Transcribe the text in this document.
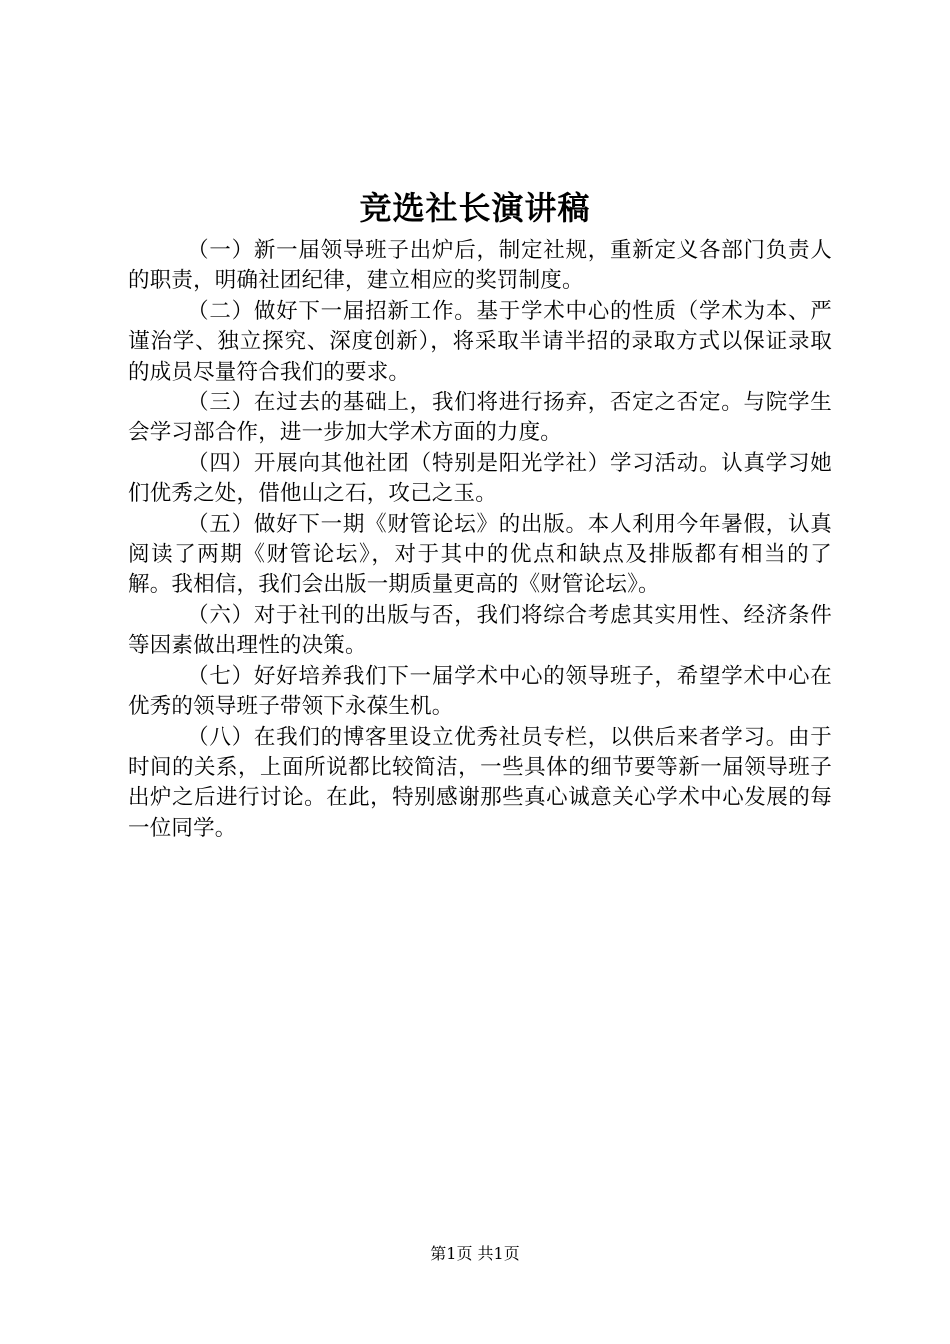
竞选社长演讲稿

（一）新一届领导班子出炉后，制定社规，重新定义各部门负责人的职责，明确社团纪律，建立相应的奖罚制度。

（二）做好下一届招新工作。基于学术中心的性质（学术为本、严谨治学、独立探究、深度创新），将采取半请半招的录取方式以保证录取的成员尽量符合我们的要求。

（三）在过去的基础上，我们将进行扬弃，否定之否定。与院学生会学习部合作，进一步加大学术方面的力度。

（四）开展向其他社团（特别是阳光学社）学习活动。认真学习她们优秀之处，借他山之石，攻己之玉。

（五）做好下一期《财管论坛》的出版。本人利用今年暑假，认真阅读了两期《财管论坛》，对于其中的优点和缺点及排版都有相当的了解。我相信，我们会出版一期质量更高的《财管论坛》。

（六）对于社刊的出版与否，我们将综合考虑其实用性、经济条件等因素做出理性的决策。

（七）好好培养我们下一届学术中心的领导班子，希望学术中心在优秀的领导班子带领下永葆生机。

（八）在我们的博客里设立优秀社员专栏，以供后来者学习。由于时间的关系，上面所说都比较简洁，一些具体的细节要等新一届领导班子出炉之后进行讨论。在此，特别感谢那些真心诚意关心学术中心发展的每一位同学。

第1页 共1页
